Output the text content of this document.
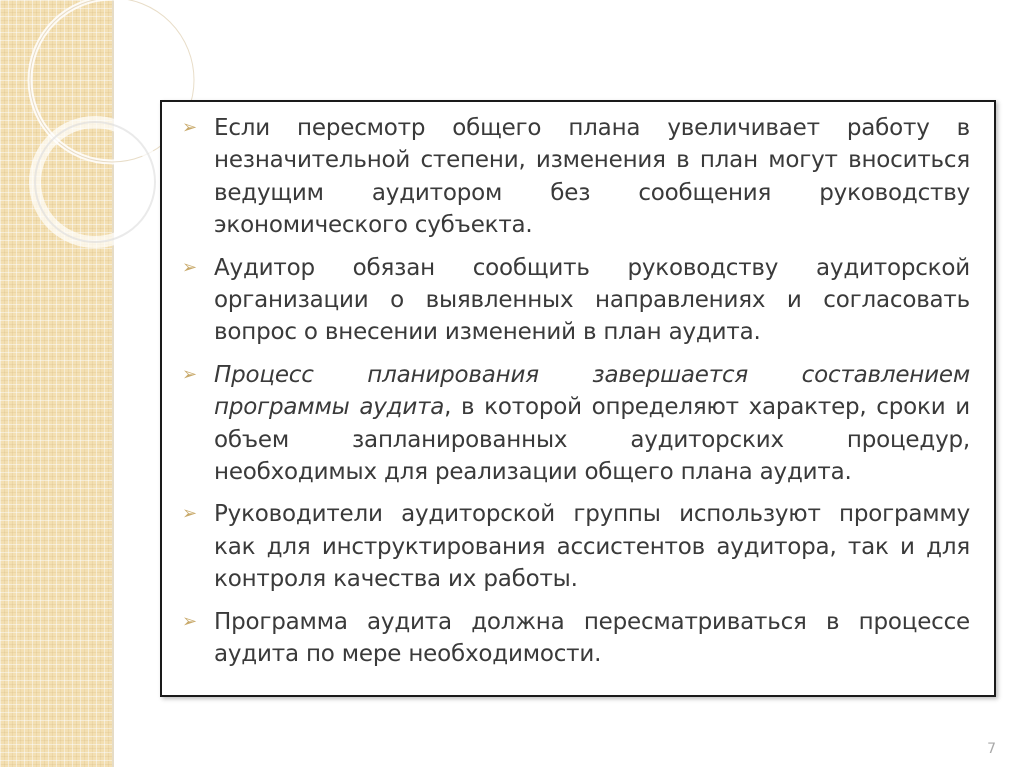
➢ Если пересмотр общего плана увеличивает работу в незначительной степени, изменения в план могут вноситься ведущим аудитором без сообщения руководству экономического субъекта.
➢ Аудитор обязан сообщить руководству аудиторской организации о выявленных направлениях и согласовать вопрос о внесении изменений в план аудита.
➢ Процесс планирования завершается составлением программы аудита, в которой определяют характер, сроки и объем запланированных аудиторских процедур, необходимых для реализации общего плана аудита.
➢ Руководители аудиторской группы используют программу как для инструктирования ассистентов аудитора, так и для контроля качества их работы.
➢ Программа аудита должна пересматриваться в процессе аудита по мере необходимости.
7
